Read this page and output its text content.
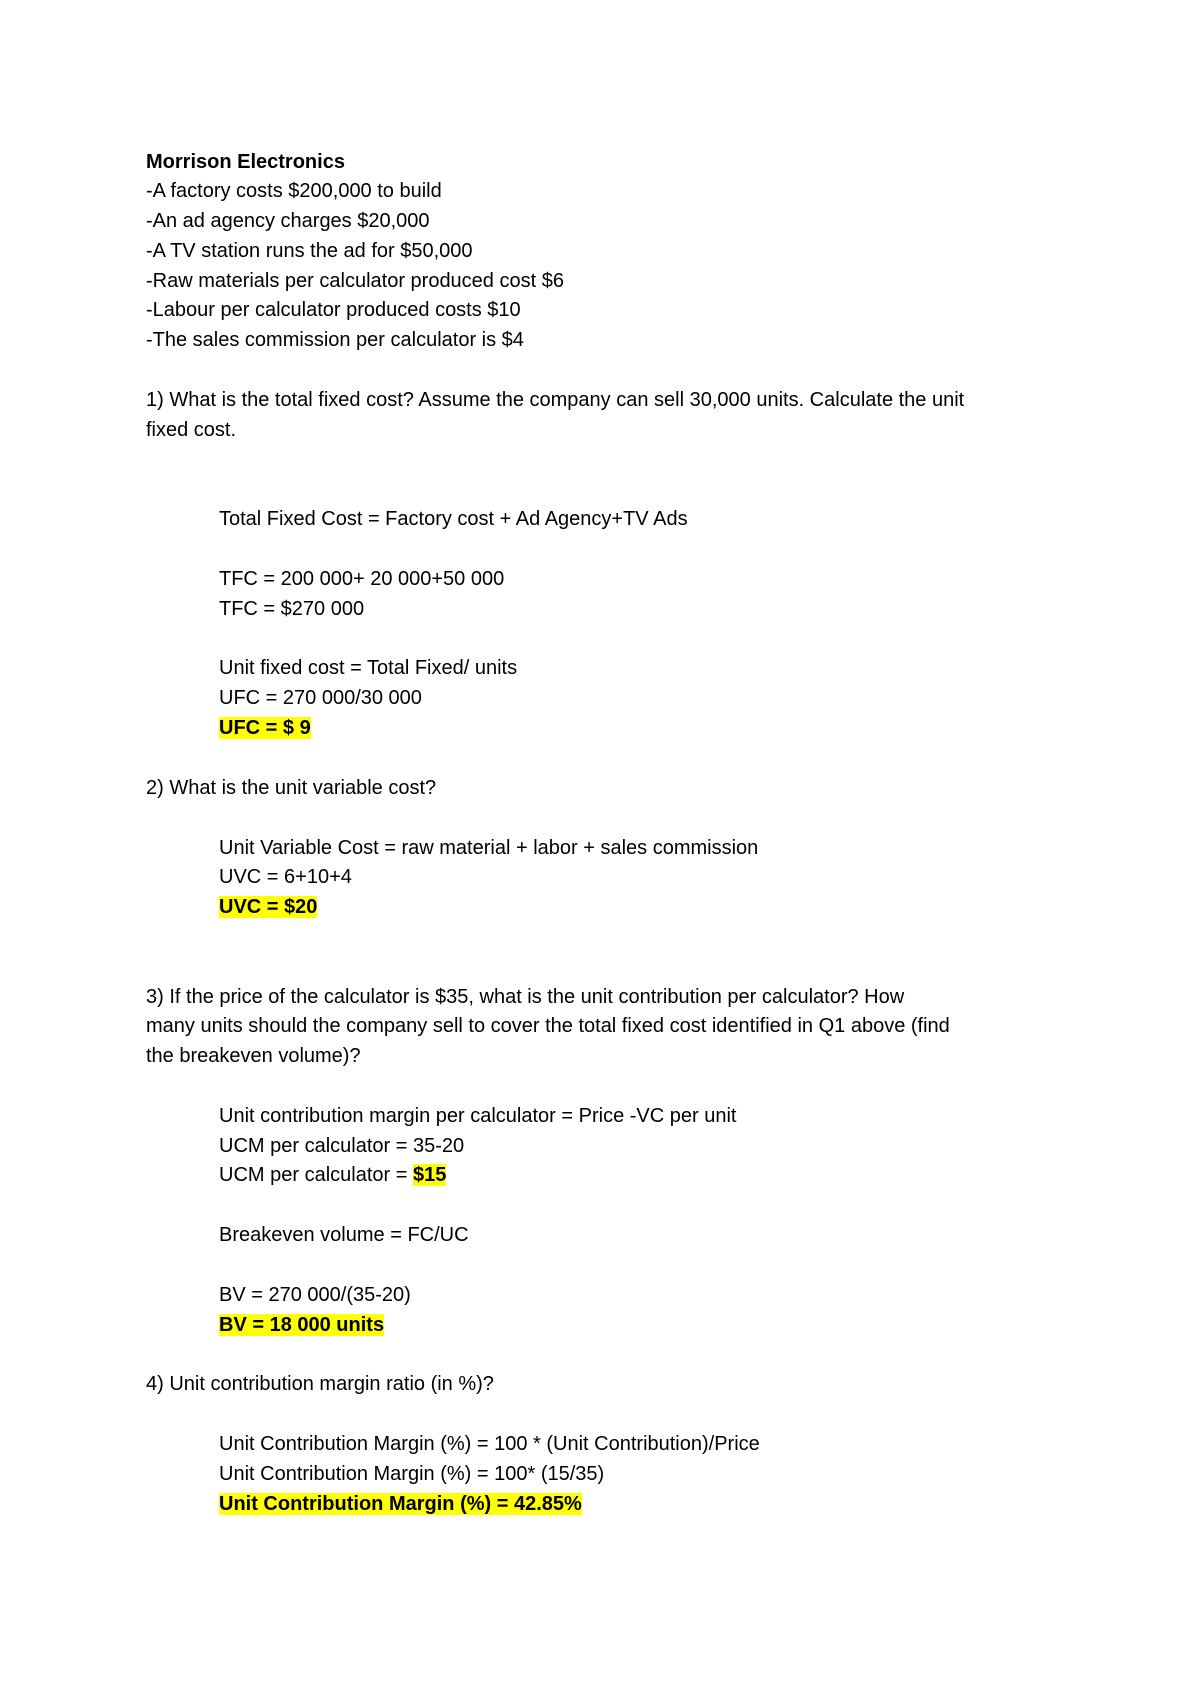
Morrison Electronics
-A factory costs $200,000 to build
-An ad agency charges $20,000
-A TV station runs the ad for $50,000
-Raw materials per calculator produced cost $6
-Labour per calculator produced costs $10
-The sales commission per calculator is $4
1) What is the total fixed cost? Assume the company can sell 30,000 units. Calculate the unit
fixed cost.
Total Fixed Cost = Factory cost + Ad Agency+TV Ads
TFC = 200 000+ 20 000+50 000
TFC = $270 000
Unit fixed cost = Total Fixed/ units
UFC = 270 000/30 000
UFC = $ 9
2) What is the unit variable cost?
Unit Variable Cost = raw material + labor + sales commission
UVC = 6+10+4
UVC = $20
3) If the price of the calculator is $35, what is the unit contribution per calculator? How
many units should the company sell to cover the total fixed cost identified in Q1 above (find
the breakeven volume)?
Unit contribution margin per calculator = Price -VC per unit
UCM per calculator = 35-20
UCM per calculator = $15
Breakeven volume = FC/UC
BV = 270 000/(35-20)
BV = 18 000 units
4) Unit contribution margin ratio (in %)?
Unit Contribution Margin (%) = 100 * (Unit Contribution)/Price
Unit Contribution Margin (%) = 100* (15/35)
Unit Contribution Margin (%) = 42.85%
